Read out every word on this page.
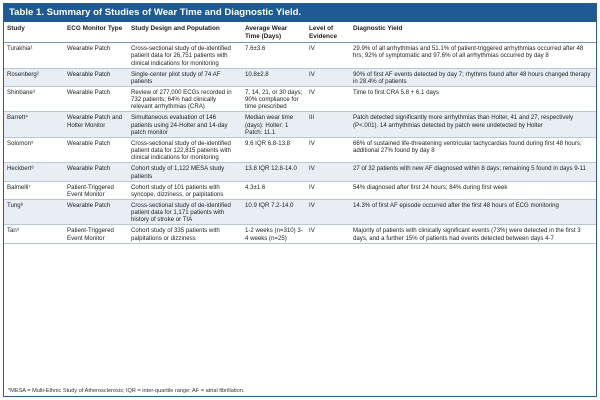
Table 1. Summary of Studies of Wear Time and Diagnostic Yield.
Study	ECG Monitor Type	Study Design and Population	Average Wear Time (Days)	Level of Evidence	Diagnostic Yield
Turakhia¹	Wearable Patch	Cross-sectional study of de-identified patient data for 26,751 patients with clinical indications for monitoring	7.6±3.6	IV	29.9% of all arrhythmias and 51.1% of patient-triggered arrhythmias occurred after 48 hrs; 92% of symptomatic and 97.6% of all arrhythmias occurred by day 8
Rosenberg²	Wearable Patch	Single-center pilot study of 74 AF patients	10.8±2.8	IV	90% of first AF events detected by day 7; rhythms found after 48 hours changed therapy in 28.4% of patients
Shinbane³	Wearable Patch	Review of 277,000 ECGs recorded in 732 patients; 64% had clinically relevant arrhythmias (CRA)	7, 14, 21, or 30 days; 90% compliance for time prescribed	IV	Time to first CRA 5.8 + 6.1 days
Barrett⁴	Wearable Patch and Holter Monitor	Simultaneous evaluation of 146 patients using 24-Holter and 14-day patch monitor	Median wear time (days): Holter: 1 Patch: 11.1	III	Patch detected significantly more arrhythmias than Holter, 41 and 27, respectively (P<.001). 14 arrhythmias detected by patch were undetected by Holter
Solomon⁵	Wearable Patch	Cross-sectional study of de-identified patient data for 122,815 patients with clinical indications for monitoring	9.6 IQR 6.8-13.8	IV	66% of sustained life-threatening ventricular tachycardias found during first 48 hours; additional 27% found by day 8
Heckbert⁶	Wearable Patch	Cohort study of 1,122 MESA study patients	13.8 IQR 12.8-14.0	IV	27 of 32 patients with new AF diagnosed within 8 days; remaining 5 found in days 9-11
Balmelli⁷	Patient-Triggered Event Monitor	Cohort study of 101 patients with syncope, dizziness, or palpitations	4.3±1.6	IV	54% diagnosed after first 24 hours; 84% during first week
Tung⁸	Wearable Patch	Cross-sectional study of de-identified patient data for 1,171 patients with history of stroke or TIA	10.9 IQR 7.2-14.0	IV	14.3% of first AF episode occurred after the first 48 hours of ECG monitoring
Tan⁹	Patient-Triggered Event Monitor	Cohort study of 335 patients with palpitations or dizziness	1-2 weeks (n=310) 3-4 weeks (n=25)	IV	Majority of patients with clinically significant events (73%) were detected in the first 3 days, and a further 15% of patients had events detected between days 4-7
*MESA = Multi-Ethnic Study of Atherosclerosis; IQR = inter-quartile range; AF = atrial fibrillation.
